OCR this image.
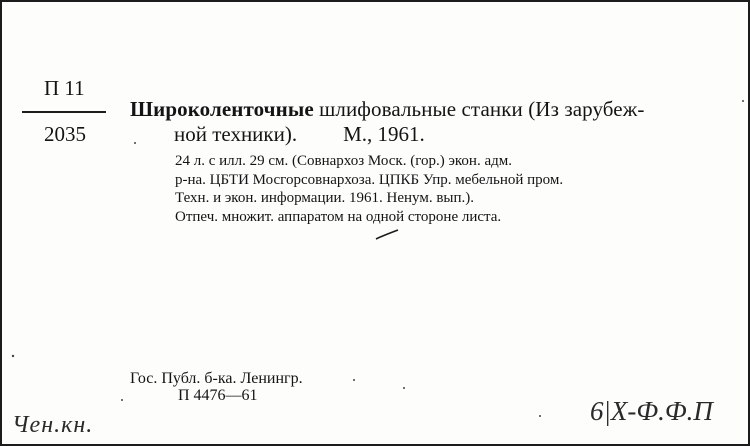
П 11
2035
Широколенточные шлифовальные станки (Из зарубеж-
ной техники). М., 1961.

24 л. с илл. 29 см. (Совнархоз Моск. (гор.) экон. адм.

р-на. ЦБТИ Мосгорсовнархоза. ЦПКБ Упр. мебельной пром.

Техн. и экон. информации. 1961. Ненум. вып.).

Отпеч. множит. аппаратом на одной стороне листа.

Гос. Публ. б-ка. Ленингр.
П 4476—61
Чен.кн.	6|X-Ф.Ф.П
